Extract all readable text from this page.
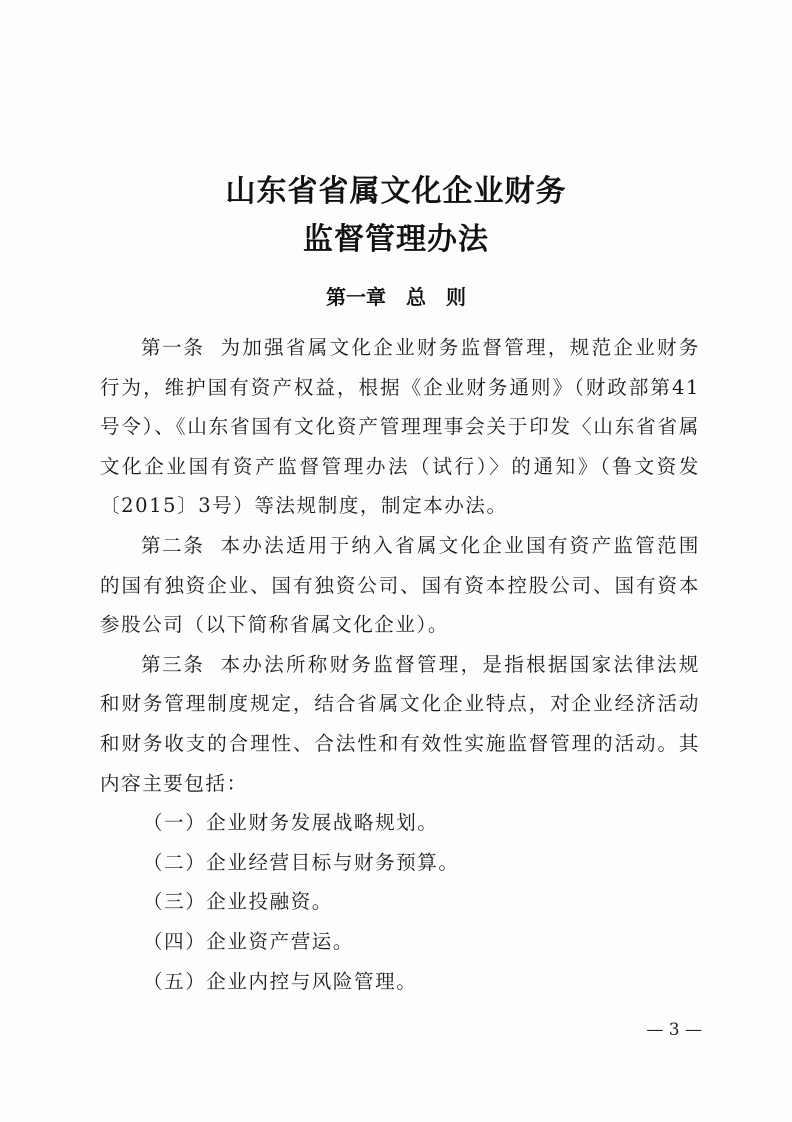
山东省省属文化企业财务
监督管理办法
第一章　总　则

第一条 为加强省属文化企业财务监督管理，规范企业财务行为，维护国有资产权益，根据《企业财务通则》（财政部第41号令）、《山东省国有文化资产管理理事会关于印发〈山东省省属文化企业国有资产监督管理办法（试行）〉的通知》（鲁文资发〔2015〕3号）等法规制度，制定本办法。

第二条 本办法适用于纳入省属文化企业国有资产监管范围的国有独资企业、国有独资公司、国有资本控股公司、国有资本参股公司（以下简称省属文化企业）。

第三条 本办法所称财务监督管理，是指根据国家法律法规和财务管理制度规定，结合省属文化企业特点，对企业经济活动和财务收支的合理性、合法性和有效性实施监督管理的活动。其内容主要包括：

（一）企业财务发展战略规划。

（二）企业经营目标与财务预算。

（三）企业投融资。

（四）企业资产营运。

（五）企业内控与风险管理。

— 3 —
